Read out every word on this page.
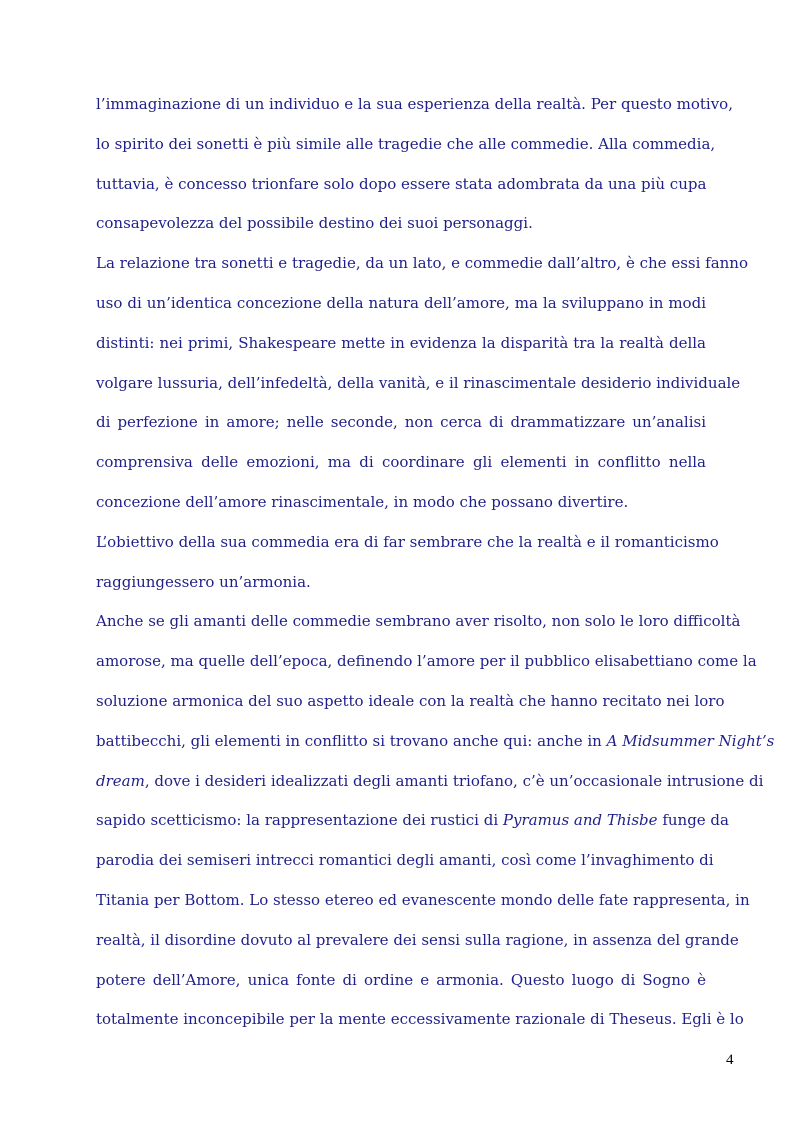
l’immaginazione di un individuo e la sua esperienza della realtà. Per questo motivo,
lo spirito dei sonetti è più simile alle tragedie che alle commedie. Alla commedia,
tuttavia, è concesso trionfare solo dopo essere stata adombrata da una più cupa
consapevolezza del possibile destino dei suoi personaggi.
La relazione tra sonetti e tragedie, da un lato, e commedie dall’altro, è che essi fanno
uso di un’identica concezione della natura dell’amore, ma la sviluppano in modi
distinti: nei primi, Shakespeare mette in evidenza la disparità tra la realtà della
volgare lussuria, dell’infedeltà, della vanità, e il rinascimentale desiderio individuale
di perfezione in amore; nelle seconde, non cerca di drammatizzare un’analisi
comprensiva delle emozioni, ma di coordinare gli elementi in conflitto nella
concezione dell’amore rinascimentale, in modo che possano divertire.
L’obiettivo della sua commedia era di far sembrare che la realtà e il romanticismo
raggiungessero un’armonia.
Anche se gli amanti delle commedie sembrano aver risolto, non solo le loro difficoltà
amorose, ma quelle dell’epoca, definendo l’amore per il pubblico elisabettiano come la
soluzione armonica del suo aspetto ideale con la realtà che hanno recitato nei loro
battibecchi, gli elementi in conflitto si trovano anche qui: anche in A Midsummer Night’s
dream, dove i desideri idealizzati degli amanti triofano, c’è un’occasionale intrusione di
sapido scetticismo: la rappresentazione dei rustici di Pyramus and Thisbe funge da
parodia dei semiseri intrecci romantici degli amanti, così come l’invaghimento di
Titania per Bottom. Lo stesso etereo ed evanescente mondo delle fate rappresenta, in
realtà, il disordine dovuto al prevalere dei sensi sulla ragione, in assenza del grande
potere dell’Amore, unica fonte di ordine e armonia. Questo luogo di Sogno è
totalmente inconcepibile per la mente eccessivamente razionale di Theseus. Egli è lo
4
